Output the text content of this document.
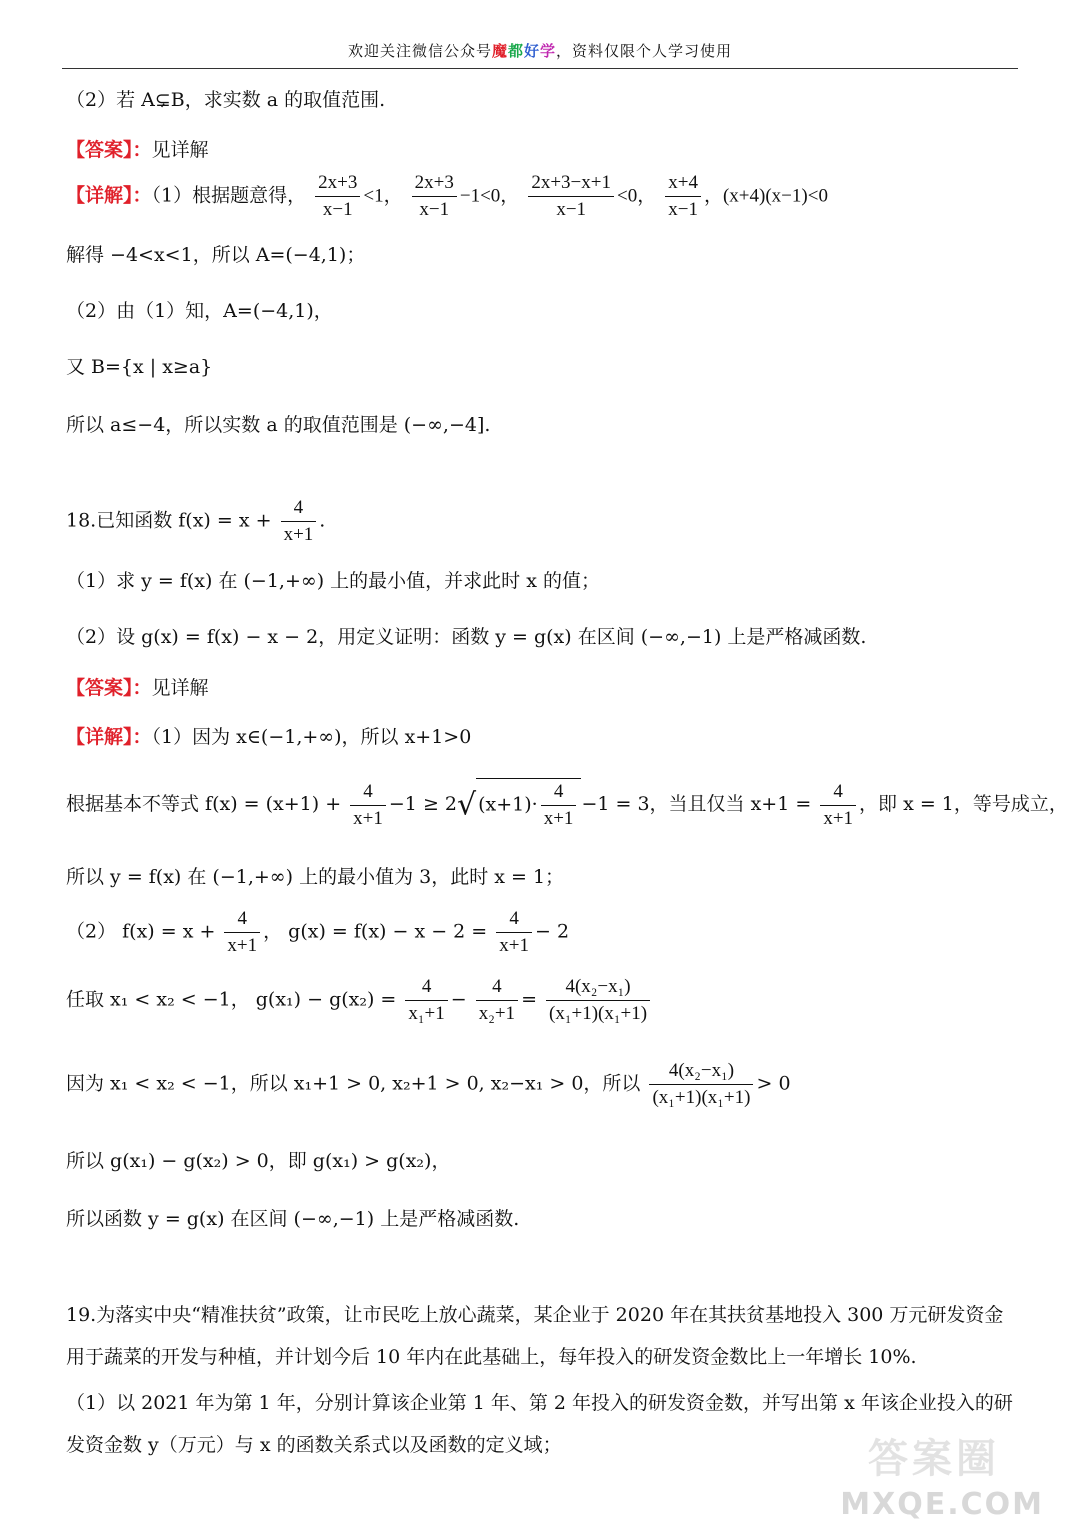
欢迎关注微信公众号魔都好学，资料仅限个人学习使用
（2）若 A⊊B，求实数 a 的取值范围.
【答案】：见详解
【详解】：（1）根据题意得， $\frac{2x+3}{x-1} <1$， $\frac{2x+3}{x-1} -1<0$， $\frac{2x+3-x+1}{x-1} <0$， $\frac{x+4}{x-1}$ ，(x+4)(x−1)<0
解得 −4<x<1，所以 A=(−4,1)；
（2）由（1）知，A=(−4,1)，
又 B={x | x≥a}
所以 a≤−4，所以实数 a 的取值范围是 (−∞,−4].
18.已知函数 $f(x) = x + \frac{4}{x+1}$ .
（1）求 y = f(x) 在 (−1,+∞) 上的最小值，并求此时 x 的值；
（2）设 g(x) = f(x) − x − 2，用定义证明：函数 y = g(x) 在区间 (−∞,−1) 上是严格减函数.
【答案】：见详解
【详解】：（1）因为 x∈(−1,+∞)，所以 x+1>0
根据基本不等式 $f(x) = (x+1) + \frac{4}{x+1} -1 \ge 2√$ $(x+1)\cdot \frac{4}{x+1} -1 = 3$，当且仅当 $x+1 = \frac{4}{x+1}$ ，即 x = 1，等号成立，
所以 y = f(x) 在 (−1,+∞) 上的最小值为 3，此时 x = 1；
（2） $f(x) = x + \frac{4}{x+1}$ ， $g(x) = f(x) - x - 2 = \frac{4}{x+1} - 2$
任取 x₁ < x₂ < −1， $g(x_1) - g(x_2) = \frac{4}{\text{x₁+1}} - \frac{4}{\text{x₂+1}} = \frac{\text{4(x₂−x₁)}}{\text{(x₁+1)(x₁+1)}}$
因为 x₁ < x₂ < −1，所以 x₁+1 > 0, x₂+1 > 0, x₂−x₁ > 0，所以 $\frac{\text{4(x₂−x₁)}}{\text{(x₁+1)(x₁+1)}} > 0$
所以 g(x₁) − g(x₂) > 0，即 g(x₁) > g(x₂)，
所以函数 y = g(x) 在区间 (−∞,−1) 上是严格减函数.
19.为落实中央“精准扶贫”政策，让市民吃上放心蔬菜，某企业于 2020 年在其扶贫基地投入 300 万元研发资金用于蔬菜的开发与种植，并计划今后 10 年内在此基础上，每年投入的研发资金数比上一年增长 10%.
（1）以 2021 年为第 1 年，分别计算该企业第 1 年、第 2 年投入的研发资金数，并写出第 x 年该企业投入的研发资金数 y（万元）与 x 的函数关系式以及函数的定义域；	答案圈
MXQE.COM
